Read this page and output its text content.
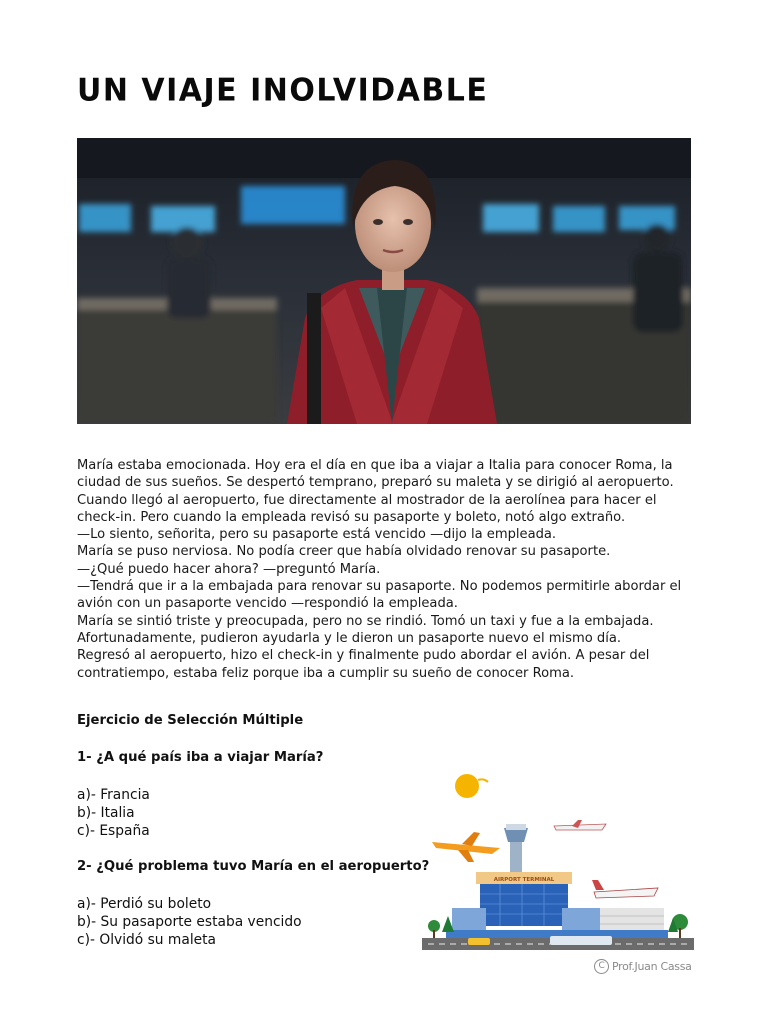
UN VIAJE INOLVIDABLE

María estaba emocionada. Hoy era el día en que iba a viajar a Italia para conocer Roma, la ciudad de sus sueños. Se despertó temprano, preparó su maleta y se dirigió al aeropuerto.

Cuando llegó al aeropuerto, fue directamente al mostrador de la aerolínea para hacer el check-in. Pero cuando la empleada revisó su pasaporte y boleto, notó algo extraño.

—Lo siento, señorita, pero su pasaporte está vencido —dijo la empleada.

María se puso nerviosa. No podía creer que había olvidado renovar su pasaporte.

—¿Qué puedo hacer ahora? —preguntó María.

—Tendrá que ir a la embajada para renovar su pasaporte. No podemos permitirle abordar el avión con un pasaporte vencido —respondió la empleada.

María se sintió triste y preocupada, pero no se rindió. Tomó un taxi y fue a la embajada. Afortunadamente, pudieron ayudarla y le dieron un pasaporte nuevo el mismo día.

Regresó al aeropuerto, hizo el check-in y finalmente pudo abordar el avión. A pesar del contratiempo, estaba feliz porque iba a cumplir su sueño de conocer Roma.

Ejercicio de Selección Múltiple
1- ¿A qué país iba a viajar María?
a)- Francia
b)- Italia
c)- España
2- ¿Qué problema tuvo María en el aeropuerto?
a)- Perdió su boleto
b)- Su pasaporte estaba vencido
c)- Olvidó su maleta
AIRPORT TERMINAL
C Prof.Juan Cassa
